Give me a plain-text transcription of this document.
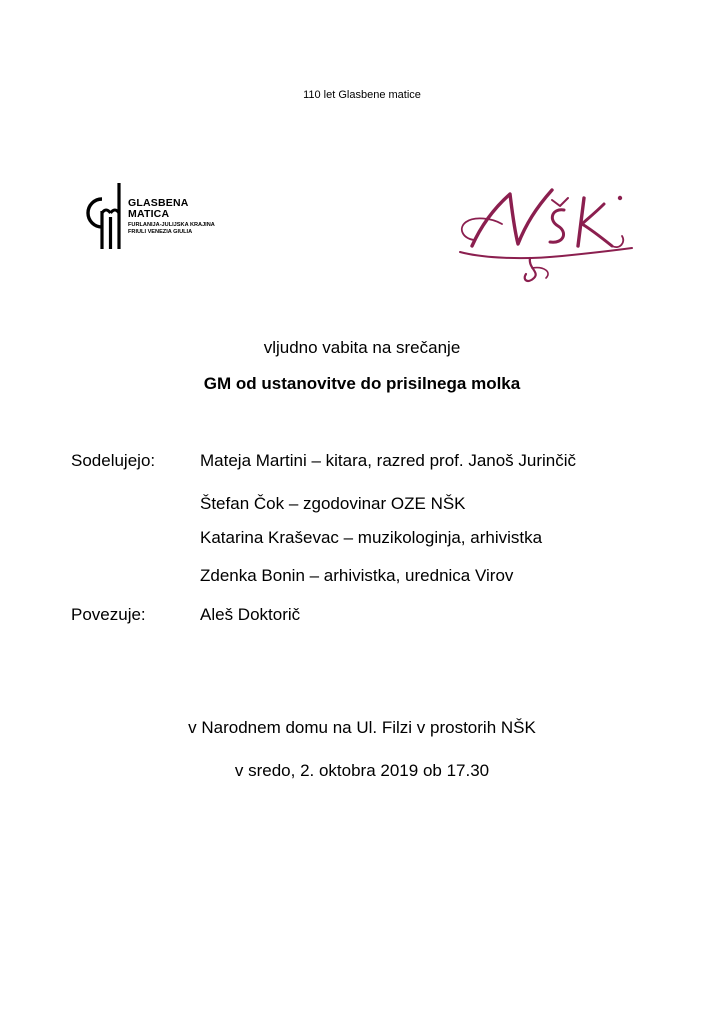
110 let Glasbene matice
GLASBENA
MATICA
FURLANIJA-JULIJSKA KRAJINA
FRIULI VENEZIA GIULIA
vljudno vabita na srečanje
GM od ustanovitve do prisilnega molka
Sodelujejo:	Mateja Martini – kitara, razred prof. Janoš Jurinčič
Štefan Čok – zgodovinar OZE NŠK
Katarina Kraševac – muzikologinja, arhivistka
Zdenka Bonin – arhivistka, urednica Virov
Povezuje:	Aleš Doktorič
v Narodnem domu na Ul. Filzi v prostorih NŠK
v sredo, 2. oktobra 2019 ob 17.30
